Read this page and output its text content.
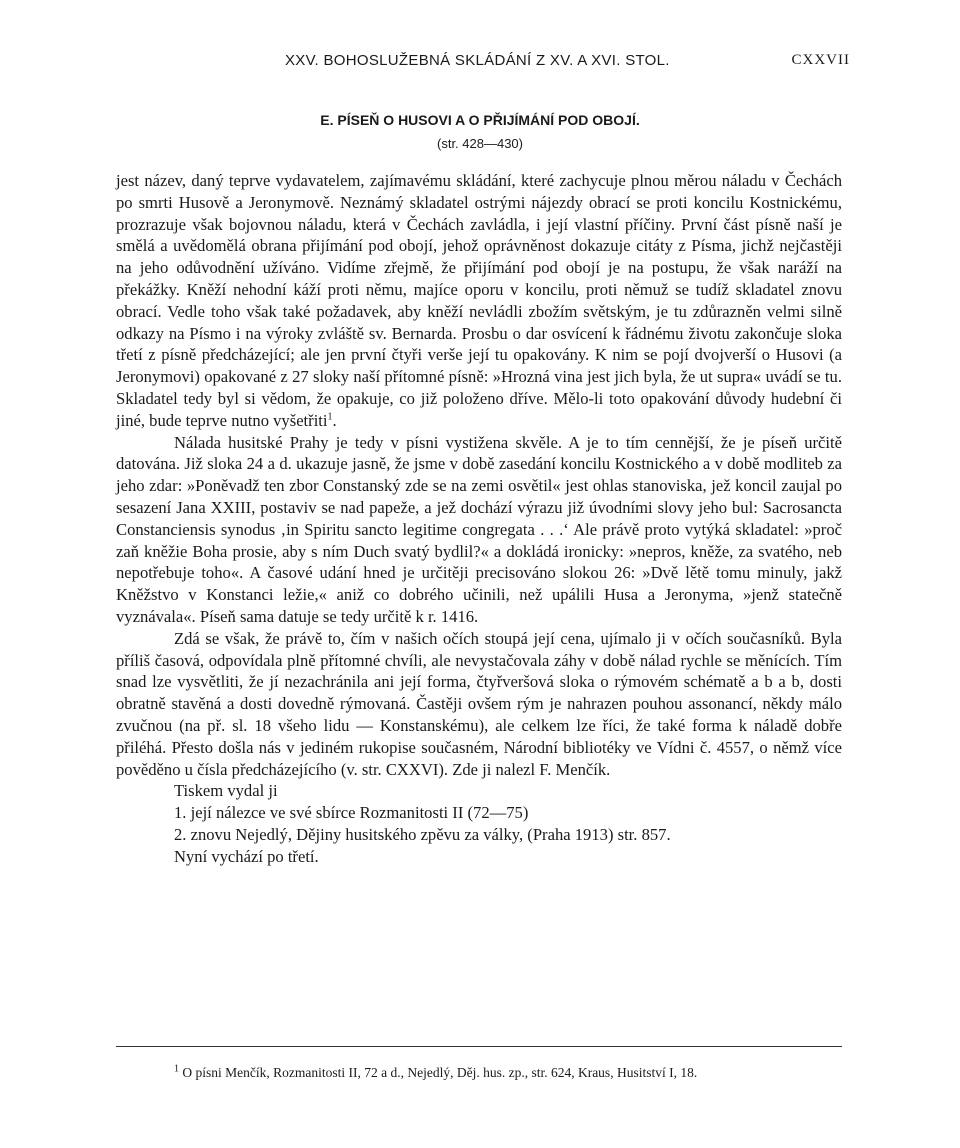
XXV. BOHOSLUŽEBNÁ SKLÁDÁNÍ Z XV. A XVI. STOL.	CXXVII
E. PÍSEŇ O HUSOVI A O PŘIJÍMÁNÍ POD OBOJÍ.
(str. 428—430)

jest název, daný teprve vydavatelem, zajímavému skládání, které zachycuje plnou měrou náladu v Čechách po smrti Husově a Jeronymově. Neznámý skladatel ostrými nájezdy obrací se proti koncilu Kostnickému, prozrazuje však bojovnou náladu, která v Čechách zavládla, i její vlastní příčiny. První část písně naší je smělá a uvědomělá obrana přijímání pod obojí, jehož oprávněnost dokazuje citáty z Písma, jichž nejčastěji na jeho odůvodnění užíváno. Vidíme zřejmě, že přijímání pod obojí je na postupu, že však naráží na překážky. Kněží nehodní káží proti němu, majíce oporu v koncilu, proti němuž se tudíž skladatel znovu obrací. Vedle toho však také požadavek, aby kněží nevládli zbožím světským, je tu zdůrazněn velmi silně odkazy na Písmo i na výroky zvláště sv. Bernarda. Prosbu o dar osvícení k řádnému životu zakončuje sloka třetí z písně předcházející; ale jen první čtyři verše její tu opakovány. K nim se pojí dvojverší o Husovi (a Jeronymovi) opakované z 27 sloky naší přítomné písně: »Hrozná vina jest jich byla, že ut supra« uvádí se tu. Skladatel tedy byl si vědom, že opakuje, co již položeno dříve. Mělo-li toto opakování důvody hudební či jiné, bude teprve nutno vyšetřiti$^1$.

Nálada husitské Prahy je tedy v písni vystižena skvěle. A je to tím cennější, že je píseň určitě datována. Již sloka 24 a d. ukazuje jasně, že jsme v době zasedání koncilu Kostnického a v době modliteb za jeho zdar: »Poněvadž ten zbor Constanský zde se na zemi osvětil« jest ohlas stanoviska, jež koncil zaujal po sesazení Jana XXIII, postaviv se nad papeže, a jež dochází výrazu již úvodními slovy jeho bul: Sacrosancta Constanciensis synodus ‚in Spiritu sancto legitime congregata . . .‘ Ale právě proto vytýká skladatel: »proč zaň kněžie Boha prosie, aby s ním Duch svatý bydlil?« a dokládá ironicky: »nepros, kněže, za svatého, neb nepotřebuje toho«. A časové udání hned je určitěji precisováno slokou 26: »Dvě lětě tomu minuly, jakž Kněžstvo v Konstanci ležie,« aniž co dobrého učinili, než upálili Husa a Jeronyma, »jenž statečně vyznávala«. Píseň sama datuje se tedy určitě k r. 1416.

Zdá se však, že právě to, čím v našich očích stoupá její cena, ujímalo ji v očích současníků. Byla příliš časová, odpovídala plně přítomné chvíli, ale nevystačovala záhy v době nálad rychle se měnících. Tím snad lze vysvětliti, že jí nezachránila ani její forma, čtyřveršová sloka o rýmovém schématě a b a b, dosti obratně stavěná a dosti dovedně rýmovaná. Častěji ovšem rým je nahrazen pouhou assonancí, někdy málo zvučnou (na př. sl. 18 všeho lidu — Konstanskému), ale celkem lze říci, že také forma k náladě dobře přiléhá. Přesto došla nás v jediném rukopise současném, Národní bibliotéky ve Vídni č. 4557, o němž více pověděno u čísla předcházejícího (v. str. CXXVI). Zde ji nalezl F. Menčík.

Tiskem vydal ji

1. její nálezce ve své sbírce Rozmanitosti II (72—75)

2. znovu Nejedlý, Dějiny husitského zpěvu za války, (Praha 1913) str. 857.

Nyní vychází po třetí.

$^1$ O písni Menčík, Rozmanitosti II, 72 a d., Nejedlý, Děj. hus. zp., str. 624, Kraus, Husitství I, 18.
